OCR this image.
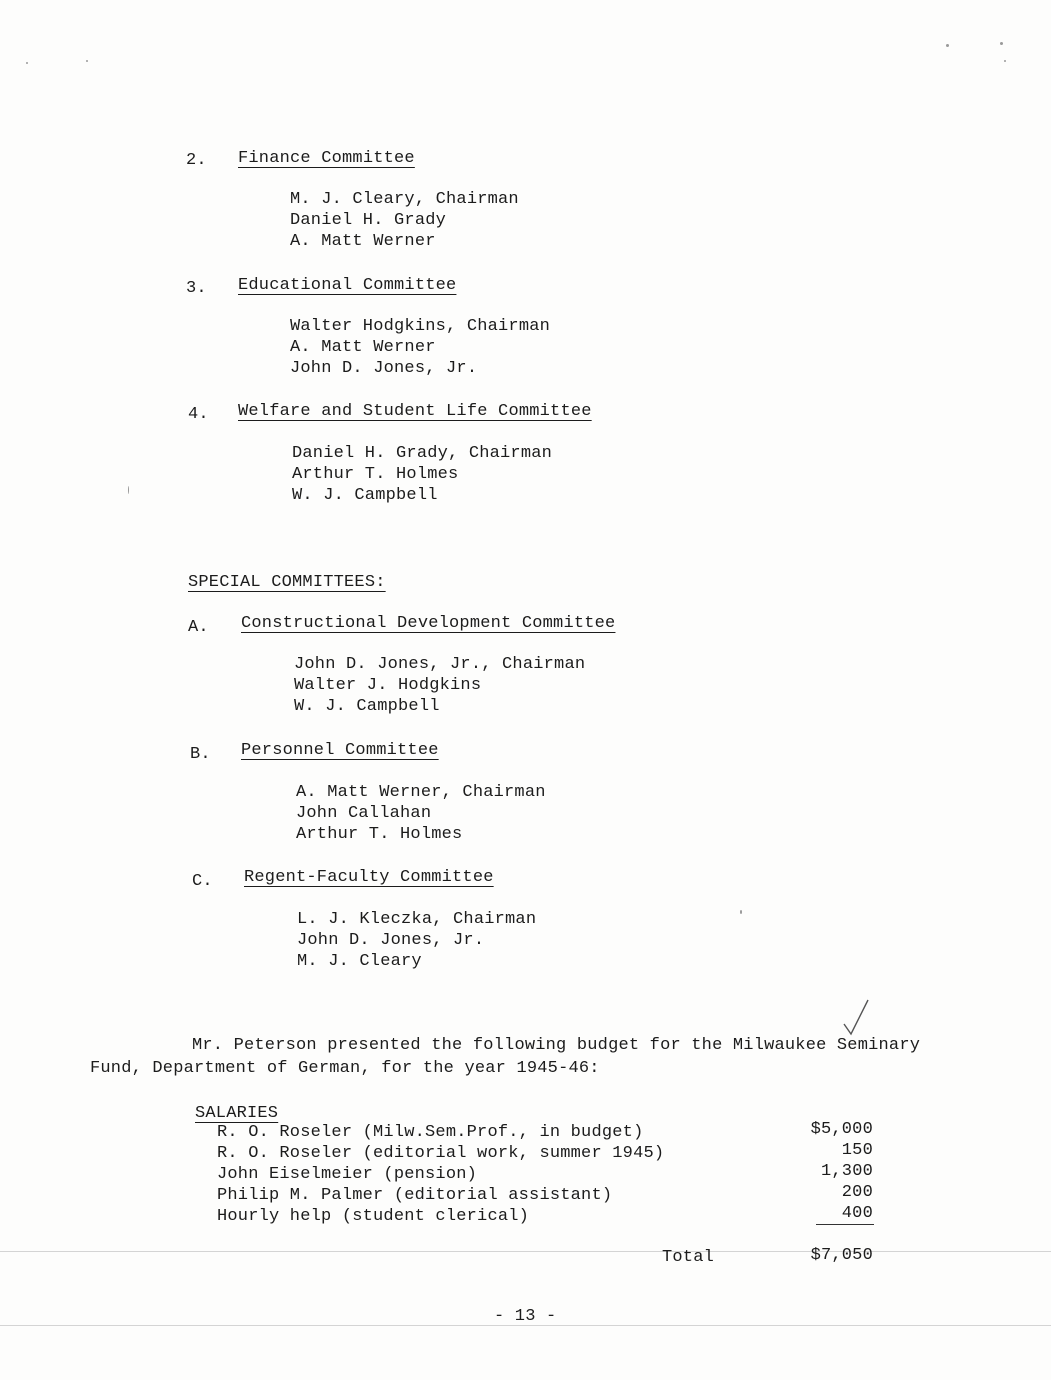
2.	Finance Committee
M. J. Cleary, Chairman
Daniel H. Grady
A. Matt Werner
3.	Educational Committee
Walter Hodgkins, Chairman
A. Matt Werner
John D. Jones, Jr.
4.	Welfare and Student Life Committee
Daniel H. Grady, Chairman
Arthur T. Holmes
W. J. Campbell
SPECIAL COMMITTEES:
A.	Constructional Development Committee
John D. Jones, Jr., Chairman
Walter J. Hodgkins
W. J. Campbell
B.	Personnel Committee
A. Matt Werner, Chairman
John Callahan
Arthur T. Holmes
C.	Regent-Faculty Committee
L. J. Kleczka, Chairman
John D. Jones, Jr.
M. J. Cleary
Mr. Peterson presented the following budget for the Milwaukee Seminary
Fund, Department of German, for the year 1945-46:
SALARIES
R. O. Roseler (Milw.Sem.Prof., in budget)	$5,000
R. O. Roseler (editorial work, summer 1945)	150
John Eiselmeier (pension)	1,300
Philip M. Palmer (editorial assistant)	200
Hourly help (student clerical)	400
Total	$7,050
- 13 -
